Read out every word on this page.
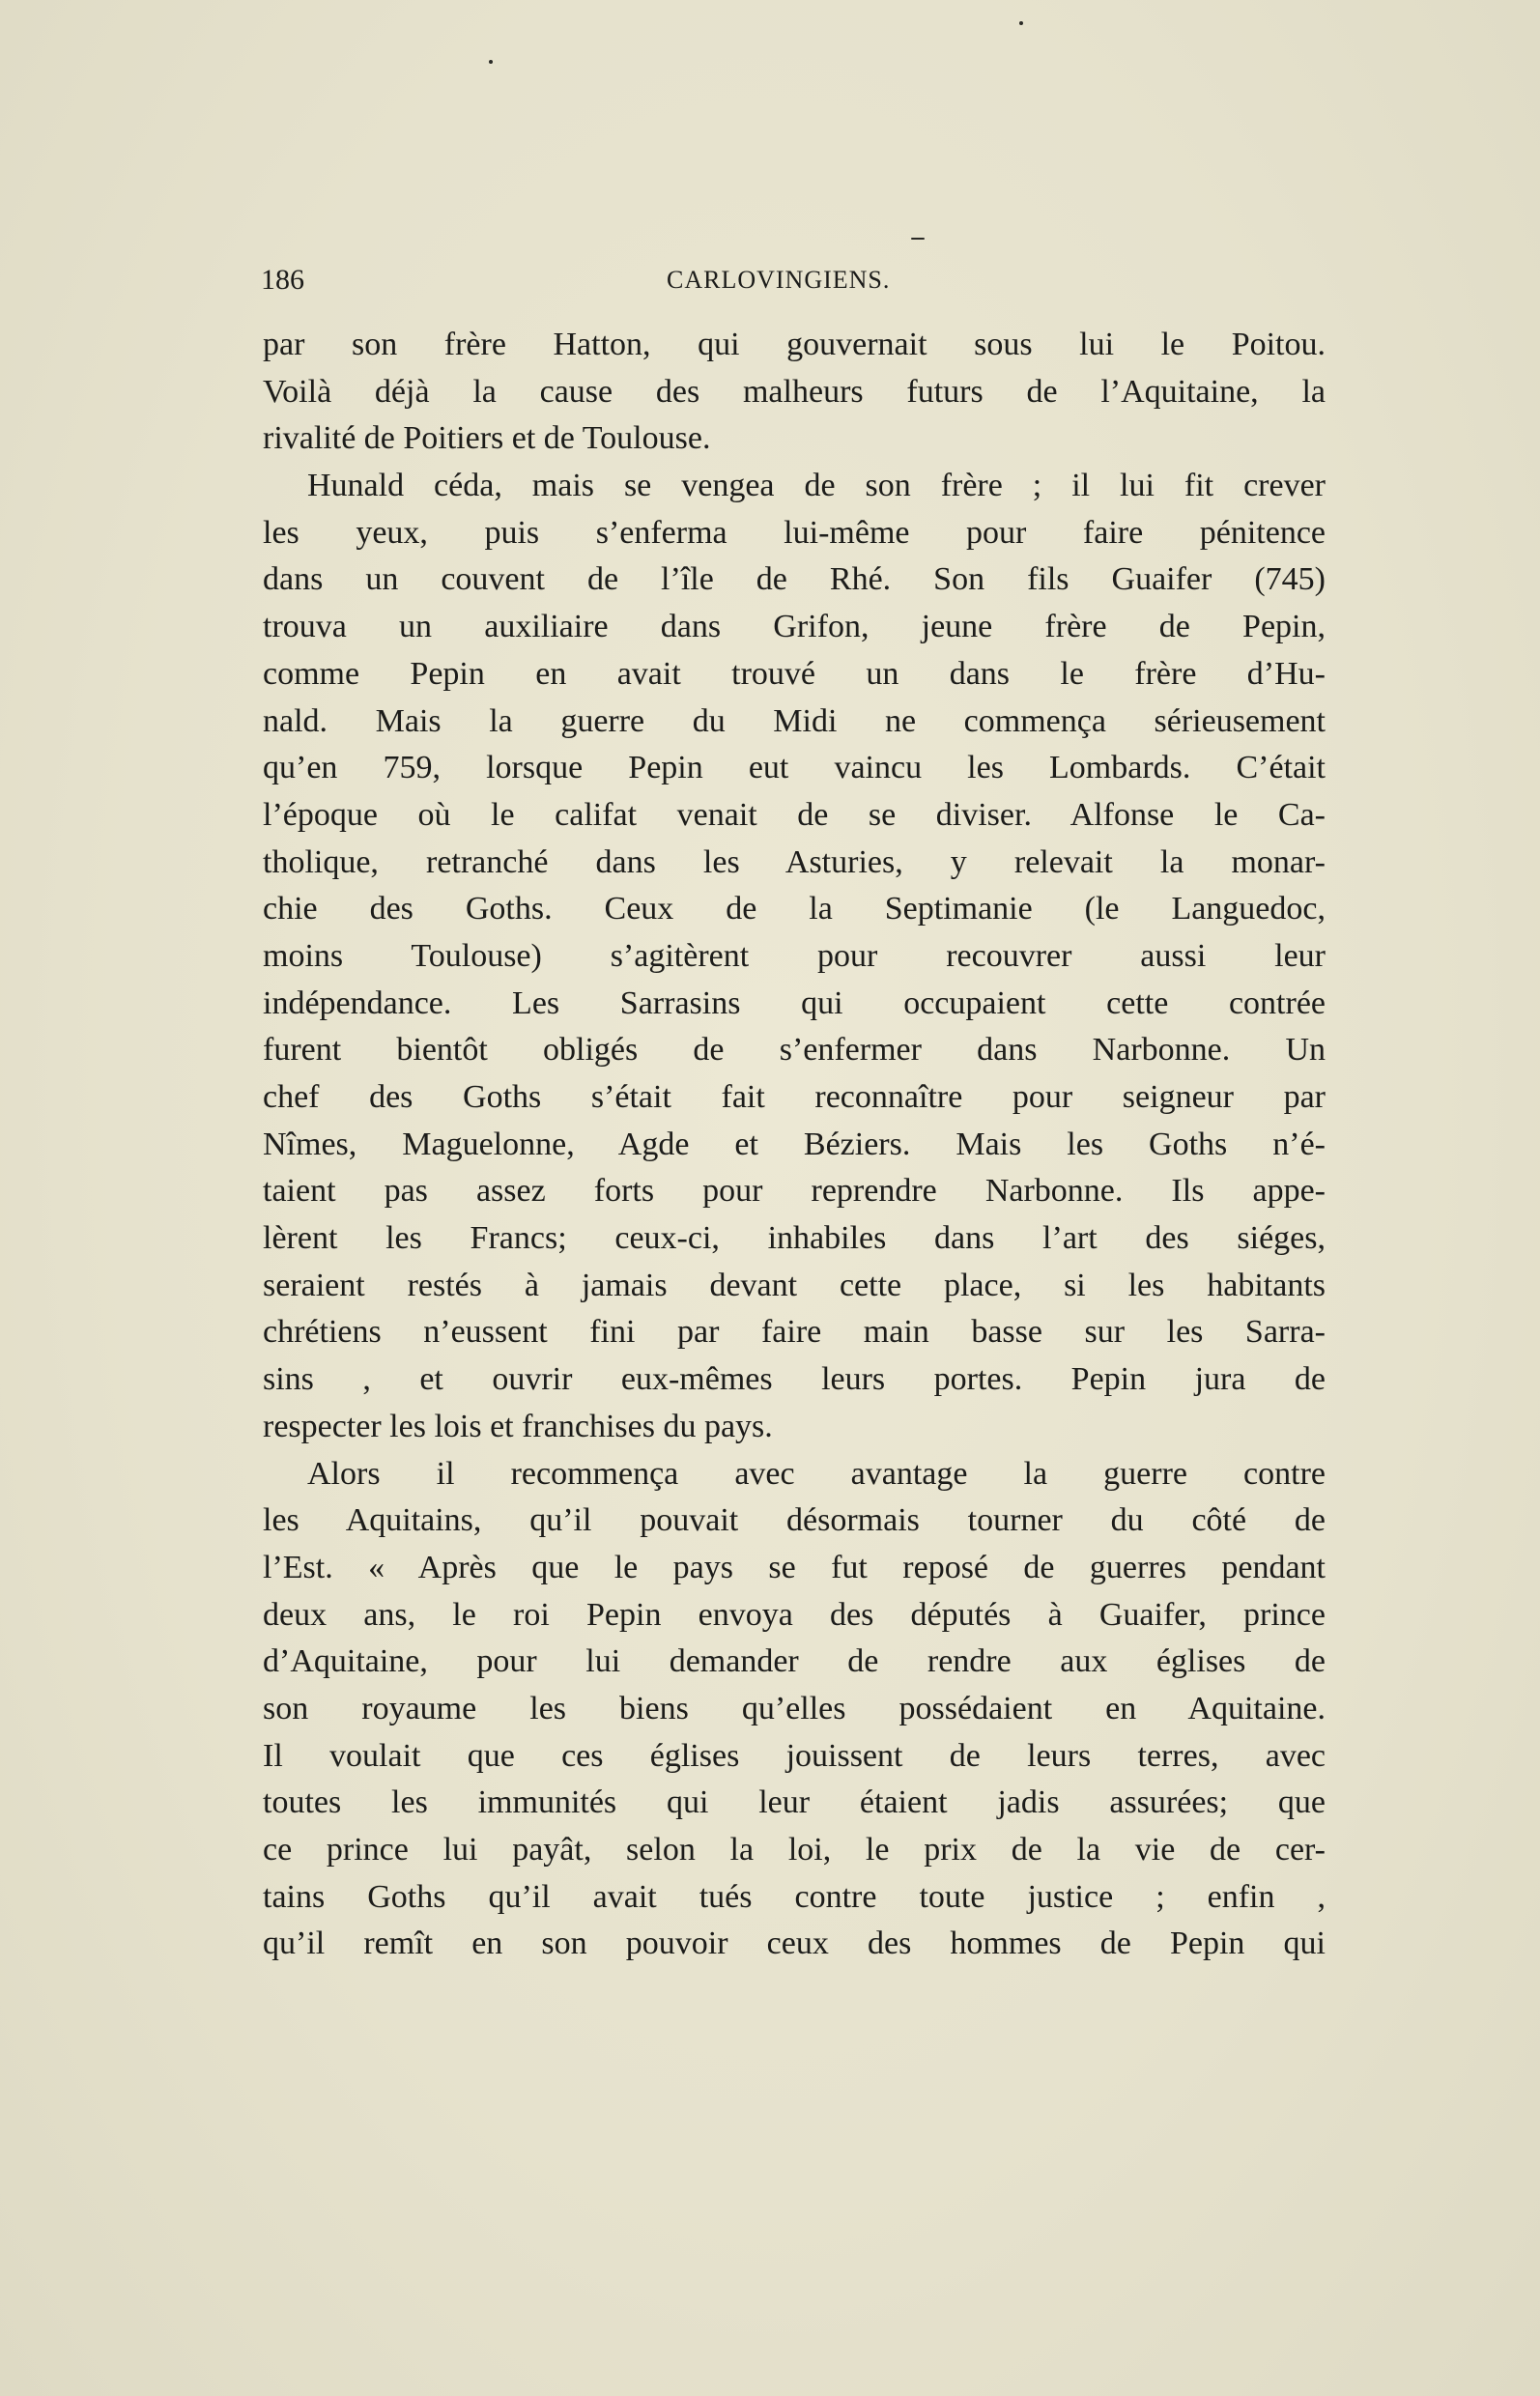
186	CARLOVINGIENS.
par son frère Hatton, qui gouvernait sous lui le Poitou.
Voilà déjà la cause des malheurs futurs de l’Aquitaine, la
rivalité de Poitiers et de Toulouse.
Hunald céda, mais se vengea de son frère ; il lui fit crever
les yeux, puis s’enferma lui-même pour faire pénitence
dans un couvent de l’île de Rhé. Son fils Guaifer (745)
trouva un auxiliaire dans Grifon, jeune frère de Pepin,
comme Pepin en avait trouvé un dans le frère d’Hu-
nald. Mais la guerre du Midi ne commença sérieusement
qu’en 759, lorsque Pepin eut vaincu les Lombards. C’était
l’époque où le califat venait de se diviser. Alfonse le Ca-
tholique, retranché dans les Asturies, y relevait la monar-
chie des Goths. Ceux de la Septimanie (le Languedoc,
moins Toulouse) s’agitèrent pour recouvrer aussi leur
indépendance. Les Sarrasins qui occupaient cette contrée
furent bientôt obligés de s’enfermer dans Narbonne. Un
chef des Goths s’était fait reconnaître pour seigneur par
Nîmes, Maguelonne, Agde et Béziers. Mais les Goths n’é-
taient pas assez forts pour reprendre Narbonne. Ils appe-
lèrent les Francs; ceux-ci, inhabiles dans l’art des siéges,
seraient restés à jamais devant cette place, si les habitants
chrétiens n’eussent fini par faire main basse sur les Sarra-
sins , et ouvrir eux-mêmes leurs portes. Pepin jura de
respecter les lois et franchises du pays.
Alors il recommença avec avantage la guerre contre
les Aquitains, qu’il pouvait désormais tourner du côté de
l’Est. « Après que le pays se fut reposé de guerres pendant
deux ans, le roi Pepin envoya des députés à Guaifer, prince
d’Aquitaine, pour lui demander de rendre aux églises de
son royaume les biens qu’elles possédaient en Aquitaine.
Il voulait que ces églises jouissent de leurs terres, avec
toutes les immunités qui leur étaient jadis assurées; que
ce prince lui payât, selon la loi, le prix de la vie de cer-
tains Goths qu’il avait tués contre toute justice ; enfin ,
qu’il remît en son pouvoir ceux des hommes de Pepin qui
